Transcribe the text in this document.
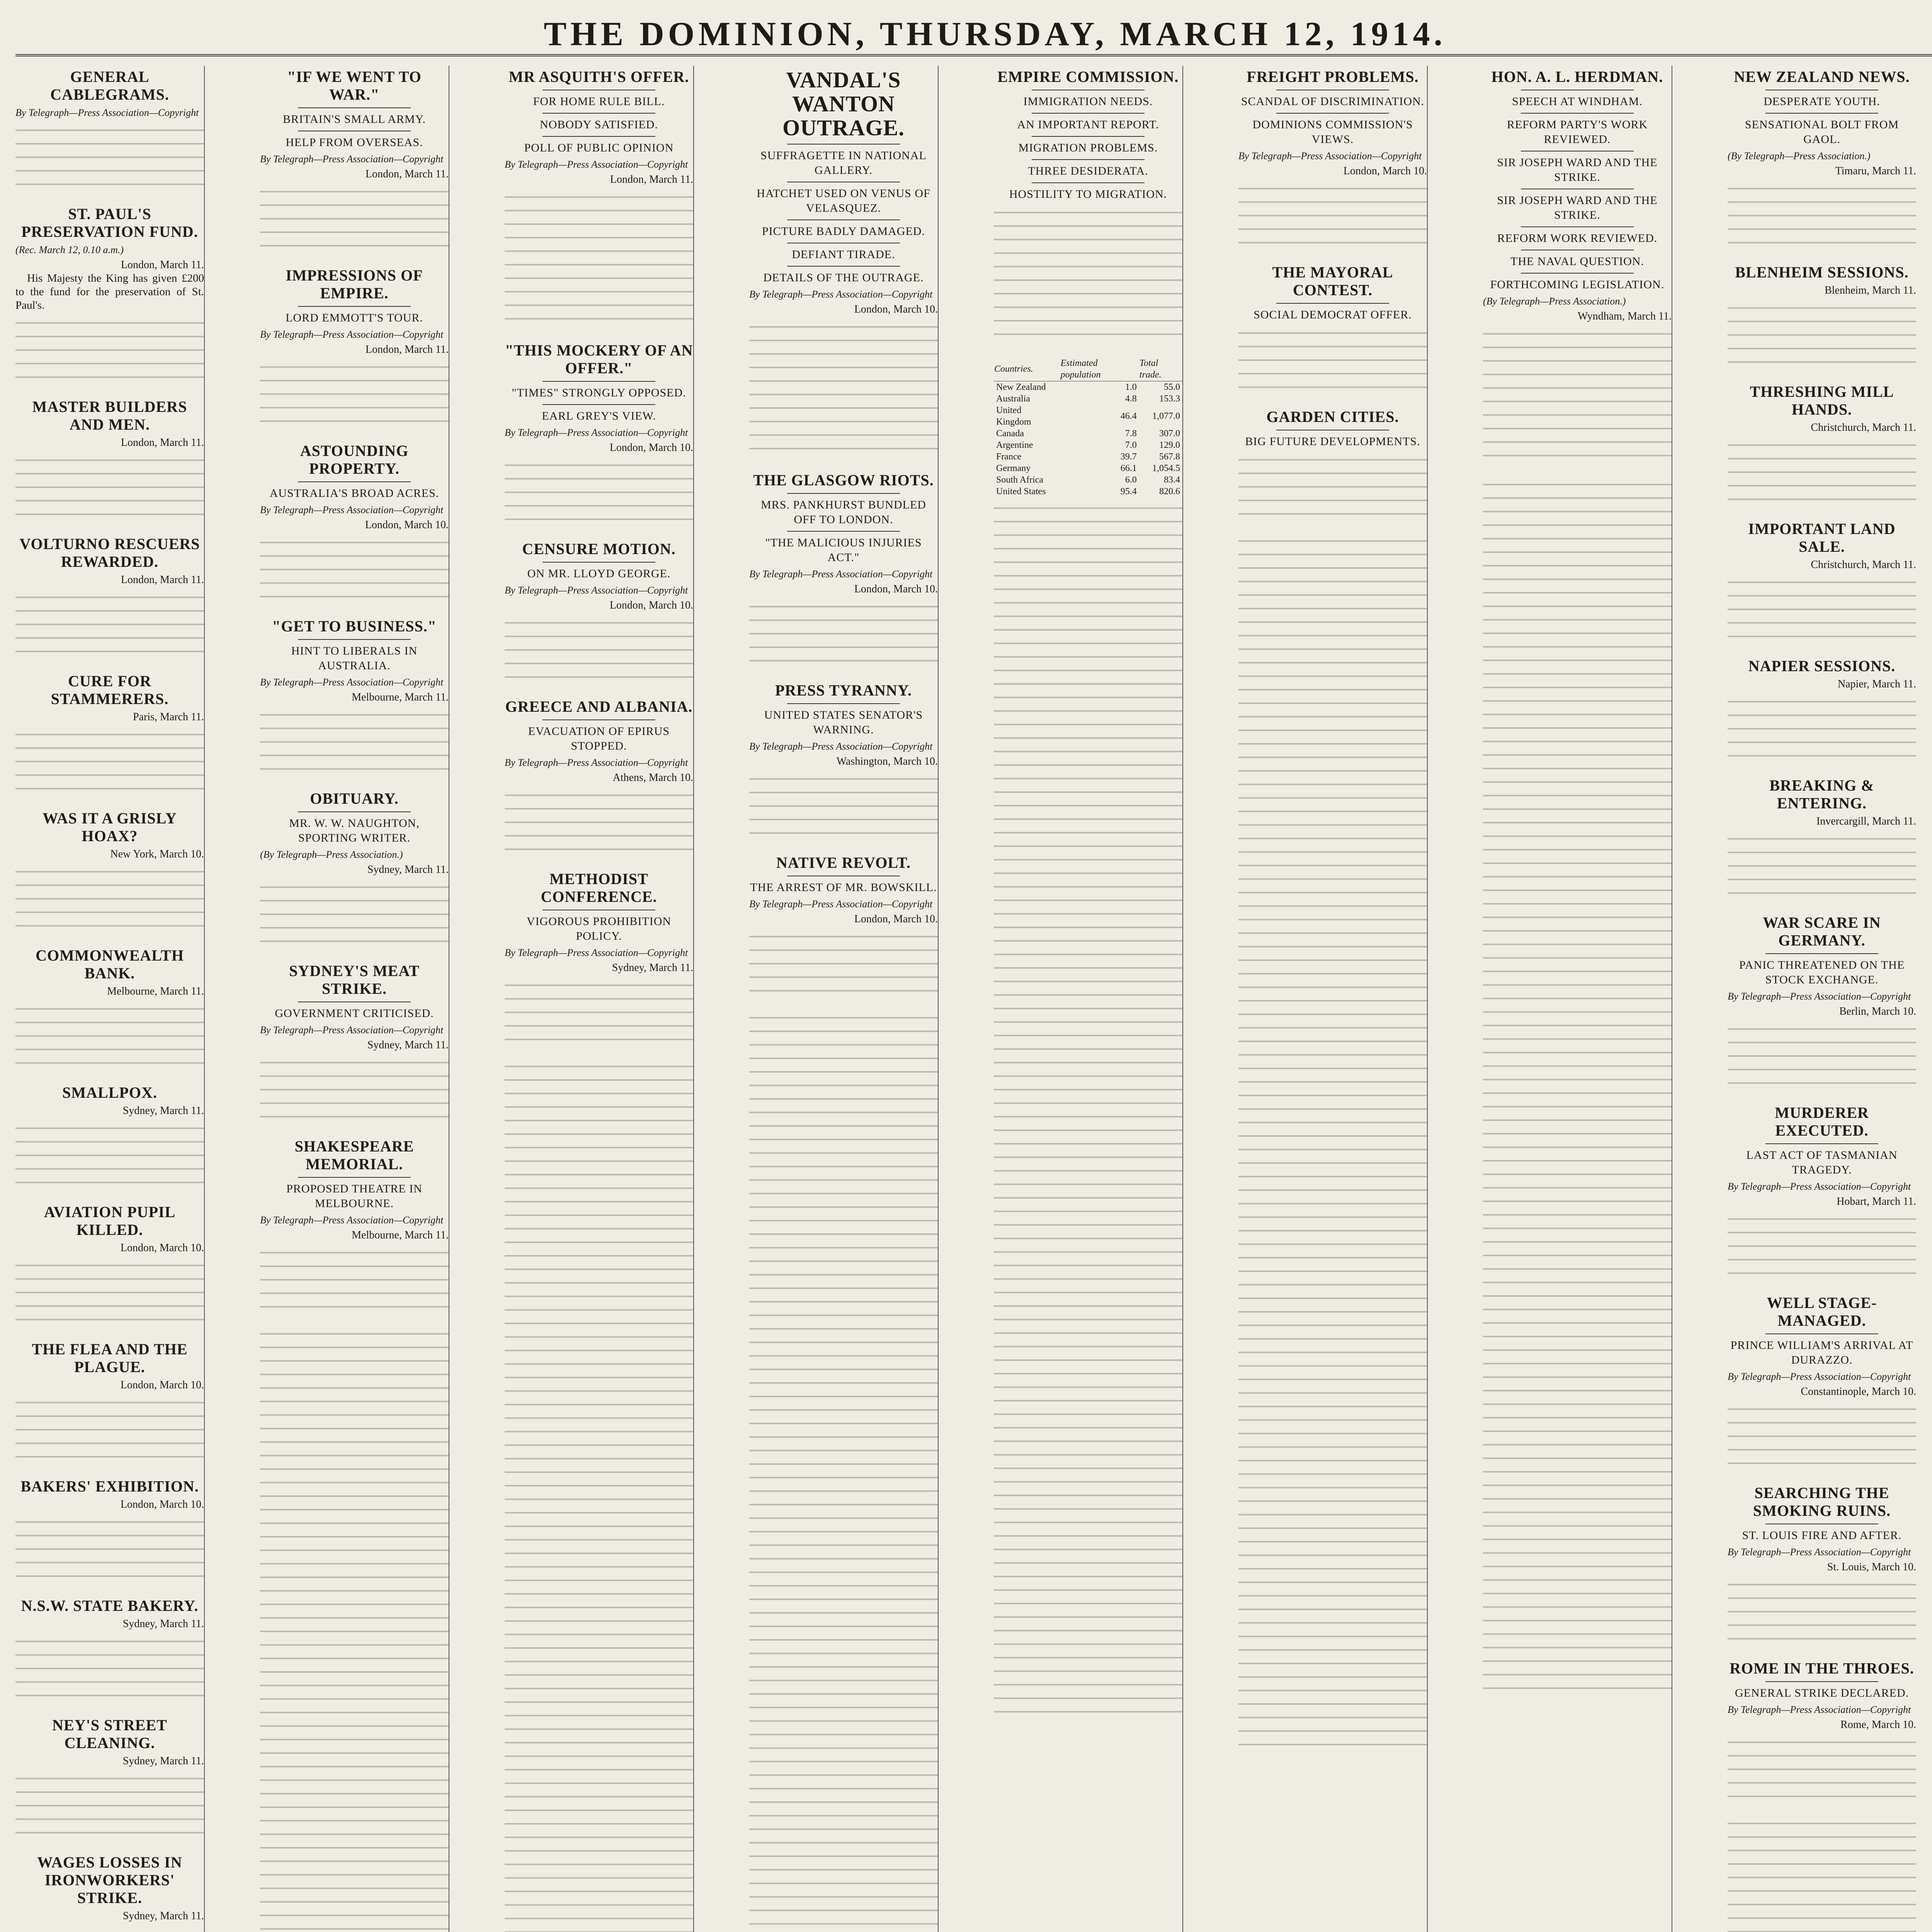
THE DOMINION, THURSDAY, MARCH 12, 1914.
GENERAL CABLEGRAMS.
By Telegraph—Press Association—Copyright
ST. PAUL'S PRESERVATION FUND.
(Rec. March 12, 0.10 a.m.)
London, March 11.
His Majesty the King has given £200 to the fund for the preservation of St. Paul's.
MASTER BUILDERS AND MEN.
London, March 11.
VOLTURNO RESCUERS REWARDED.
London, March 11.
CURE FOR STAMMERERS.
Paris, March 11.
WAS IT A GRISLY HOAX?
New York, March 10.
COMMONWEALTH BANK.
Melbourne, March 11.
SMALLPOX.
Sydney, March 11.
AVIATION PUPIL KILLED.
London, March 10.
THE FLEA AND THE PLAGUE.
London, March 10.
BAKERS' EXHIBITION.
London, March 10.
N.S.W. STATE BAKERY.
Sydney, March 11.
NEY'S STREET CLEANING.
Sydney, March 11.
WAGES LOSSES IN IRONWORKERS' STRIKE.
Sydney, March 11.
"IF WE WENT TO WAR."
BRITAIN'S SMALL ARMY.
HELP FROM OVERSEAS.
By Telegraph—Press Association—Copyright
London, March 11.
IMPRESSIONS OF EMPIRE.
LORD EMMOTT'S TOUR.
By Telegraph—Press Association—Copyright
London, March 11.
ASTOUNDING PROPERTY.
AUSTRALIA'S BROAD ACRES.
By Telegraph—Press Association—Copyright
London, March 10.
"GET TO BUSINESS."
HINT TO LIBERALS IN AUSTRALIA.
By Telegraph—Press Association—Copyright
Melbourne, March 11.
OBITUARY.
MR. W. W. NAUGHTON, SPORTING WRITER.
(By Telegraph—Press Association.)
Sydney, March 11.
SYDNEY'S MEAT STRIKE.
GOVERNMENT CRITICISED.
By Telegraph—Press Association—Copyright
Sydney, March 11.
SHAKESPEARE MEMORIAL.
PROPOSED THEATRE IN MELBOURNE.
By Telegraph—Press Association—Copyright
Melbourne, March 11.
MR ASQUITH'S OFFER.
FOR HOME RULE BILL.
NOBODY SATISFIED.
POLL OF PUBLIC OPINION
By Telegraph—Press Association—Copyright
London, March 11.
"THIS MOCKERY OF AN OFFER."
"TIMES" STRONGLY OPPOSED.
EARL GREY'S VIEW.
By Telegraph—Press Association—Copyright
London, March 10.
CENSURE MOTION.
ON MR. LLOYD GEORGE.
By Telegraph—Press Association—Copyright
London, March 10.
GREECE AND ALBANIA.
EVACUATION OF EPIRUS STOPPED.
By Telegraph—Press Association—Copyright
Athens, March 10.
METHODIST CONFERENCE.
VIGOROUS PROHIBITION POLICY.
By Telegraph—Press Association—Copyright
Sydney, March 11.
VANDAL'S WANTON OUTRAGE.
SUFFRAGETTE IN NATIONAL GALLERY.
HATCHET USED ON VENUS OF VELASQUEZ.
PICTURE BADLY DAMAGED.
DEFIANT TIRADE.
DETAILS OF THE OUTRAGE.
By Telegraph—Press Association—Copyright
London, March 10.
THE GLASGOW RIOTS.
MRS. PANKHURST BUNDLED OFF TO LONDON.
"THE MALICIOUS INJURIES ACT."
By Telegraph—Press Association—Copyright
London, March 10.
PRESS TYRANNY.
UNITED STATES SENATOR'S WARNING.
By Telegraph—Press Association—Copyright
Washington, March 10.
NATIVE REVOLT.
THE ARREST OF MR. BOWSKILL.
By Telegraph—Press Association—Copyright
London, March 10.
EMPIRE COMMISSION.
IMMIGRATION NEEDS.
AN IMPORTANT REPORT.
MIGRATION PROBLEMS.
THREE DESIDERATA.
HOSTILITY TO MIGRATION.
Countries.	Estimated population	Total trade.
New Zealand	1.0	55.0
Australia	4.8	153.3
United Kingdom	46.4	1,077.0
Canada	7.8	307.0
Argentine	7.0	129.0
France	39.7	567.8
Germany	66.1	1,054.5
South Africa	6.0	83.4
United States	95.4	820.6
FREIGHT PROBLEMS.
SCANDAL OF DISCRIMINATION.
DOMINIONS COMMISSION'S VIEWS.
By Telegraph—Press Association—Copyright
London, March 10.
THE MAYORAL CONTEST.
SOCIAL DEMOCRAT OFFER.
GARDEN CITIES.
BIG FUTURE DEVELOPMENTS.
HON. A. L. HERDMAN.
SPEECH AT WINDHAM.
REFORM PARTY'S WORK REVIEWED.
SIR JOSEPH WARD AND THE STRIKE.
SIR JOSEPH WARD AND THE STRIKE.
REFORM WORK REVIEWED.
THE NAVAL QUESTION.
FORTHCOMING LEGISLATION.
(By Telegraph—Press Association.)
Wyndham, March 11.
NEW ZEALAND NEWS.
DESPERATE YOUTH.
SENSATIONAL BOLT FROM GAOL.
(By Telegraph—Press Association.)
Timaru, March 11.
BLENHEIM SESSIONS.
Blenheim, March 11.
THRESHING MILL HANDS.
Christchurch, March 11.
IMPORTANT LAND SALE.
Christchurch, March 11.
NAPIER SESSIONS.
Napier, March 11.
BREAKING & ENTERING.
Invercargill, March 11.
WAR SCARE IN GERMANY.
PANIC THREATENED ON THE STOCK EXCHANGE.
By Telegraph—Press Association—Copyright
Berlin, March 10.
MURDERER EXECUTED.
LAST ACT OF TASMANIAN TRAGEDY.
By Telegraph—Press Association—Copyright
Hobart, March 11.
WELL STAGE-MANAGED.
PRINCE WILLIAM'S ARRIVAL AT DURAZZO.
By Telegraph—Press Association—Copyright
Constantinople, March 10.
SEARCHING THE SMOKING RUINS.
ST. LOUIS FIRE AND AFTER.
By Telegraph—Press Association—Copyright
St. Louis, March 10.
ROME IN THE THROES.
GENERAL STRIKE DECLARED.
By Telegraph—Press Association—Copyright
Rome, March 10.
